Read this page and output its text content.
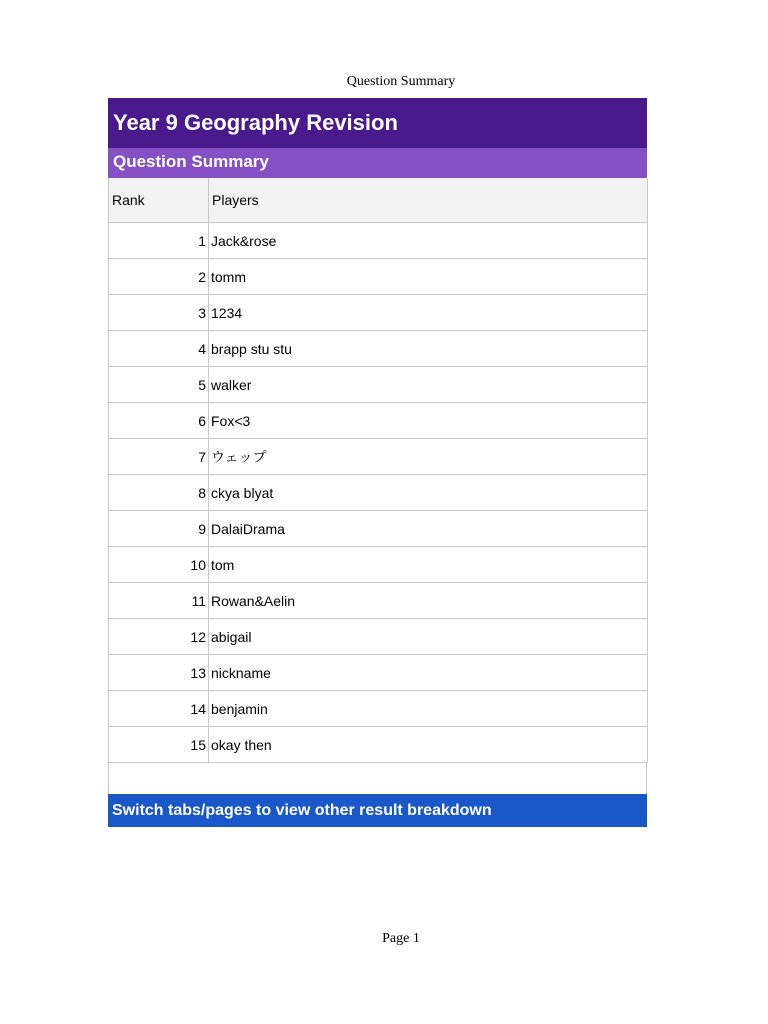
Question Summary
Year 9 Geography Revision
Question Summary
Rank	Players
1	Jack&rose
2	tomm
3	1234
4	brapp stu stu
5	walker
6	Fox<3
7	ウェップ
8	ckya blyat
9	DalaiDrama
10	tom
11	Rowan&Aelin
12	abigail
13	nickname
14	benjamin
15	okay then
Switch tabs/pages to view other result breakdown
Page 1
